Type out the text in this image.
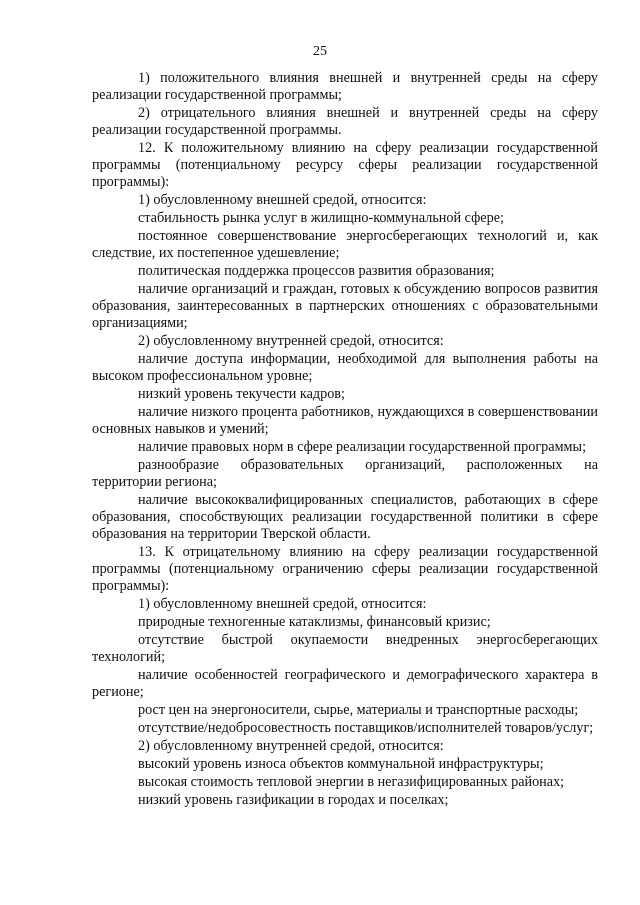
25

1) положительного влияния внешней и внутренней среды на сферу реализации государственной программы;

2) отрицательного влияния внешней и внутренней среды на сферу реализации государственной программы.

12. К положительному влиянию на сферу реализации государственной программы (потенциальному ресурсу сферы реализации государственной программы):

1) обусловленному внешней средой, относится:

стабильность рынка услуг в жилищно-коммунальной сфере;

постоянное совершенствование энергосберегающих технологий и, как следствие, их постепенное удешевление;

политическая поддержка процессов развития образования;

наличие организаций и граждан, готовых к обсуждению вопросов развития образования, заинтересованных в партнерских отношениях с образовательными организациями;

2) обусловленному внутренней средой, относится:

наличие доступа информации, необходимой для выполнения работы на высоком профессиональном уровне;

низкий уровень текучести кадров;

наличие низкого процента работников, нуждающихся в совершенствовании основных навыков и умений;

наличие правовых норм в сфере реализации государственной программы;

разнообразие образовательных организаций, расположенных на территории региона;

наличие высококвалифицированных специалистов, работающих в сфере образования, способствующих реализации государственной политики в сфере образования на территории Тверской области.

13. К отрицательному влиянию на сферу реализации государственной программы (потенциальному ограничению сферы реализации государственной программы):

1) обусловленному внешней средой, относится:

природные техногенные катаклизмы, финансовый кризис;

отсутствие быстрой окупаемости внедренных энергосберегающих технологий;

наличие особенностей географического и демографического характера в регионе;

рост цен на энергоносители, сырье, материалы и транспортные расходы;

отсутствие/недобросовестность поставщиков/исполнителей товаров/услуг;

2) обусловленному внутренней средой, относится:

высокий уровень износа объектов коммунальной инфраструктуры;

высокая стоимость тепловой энергии в негазифицированных районах;

низкий уровень газификации в городах и поселках;
